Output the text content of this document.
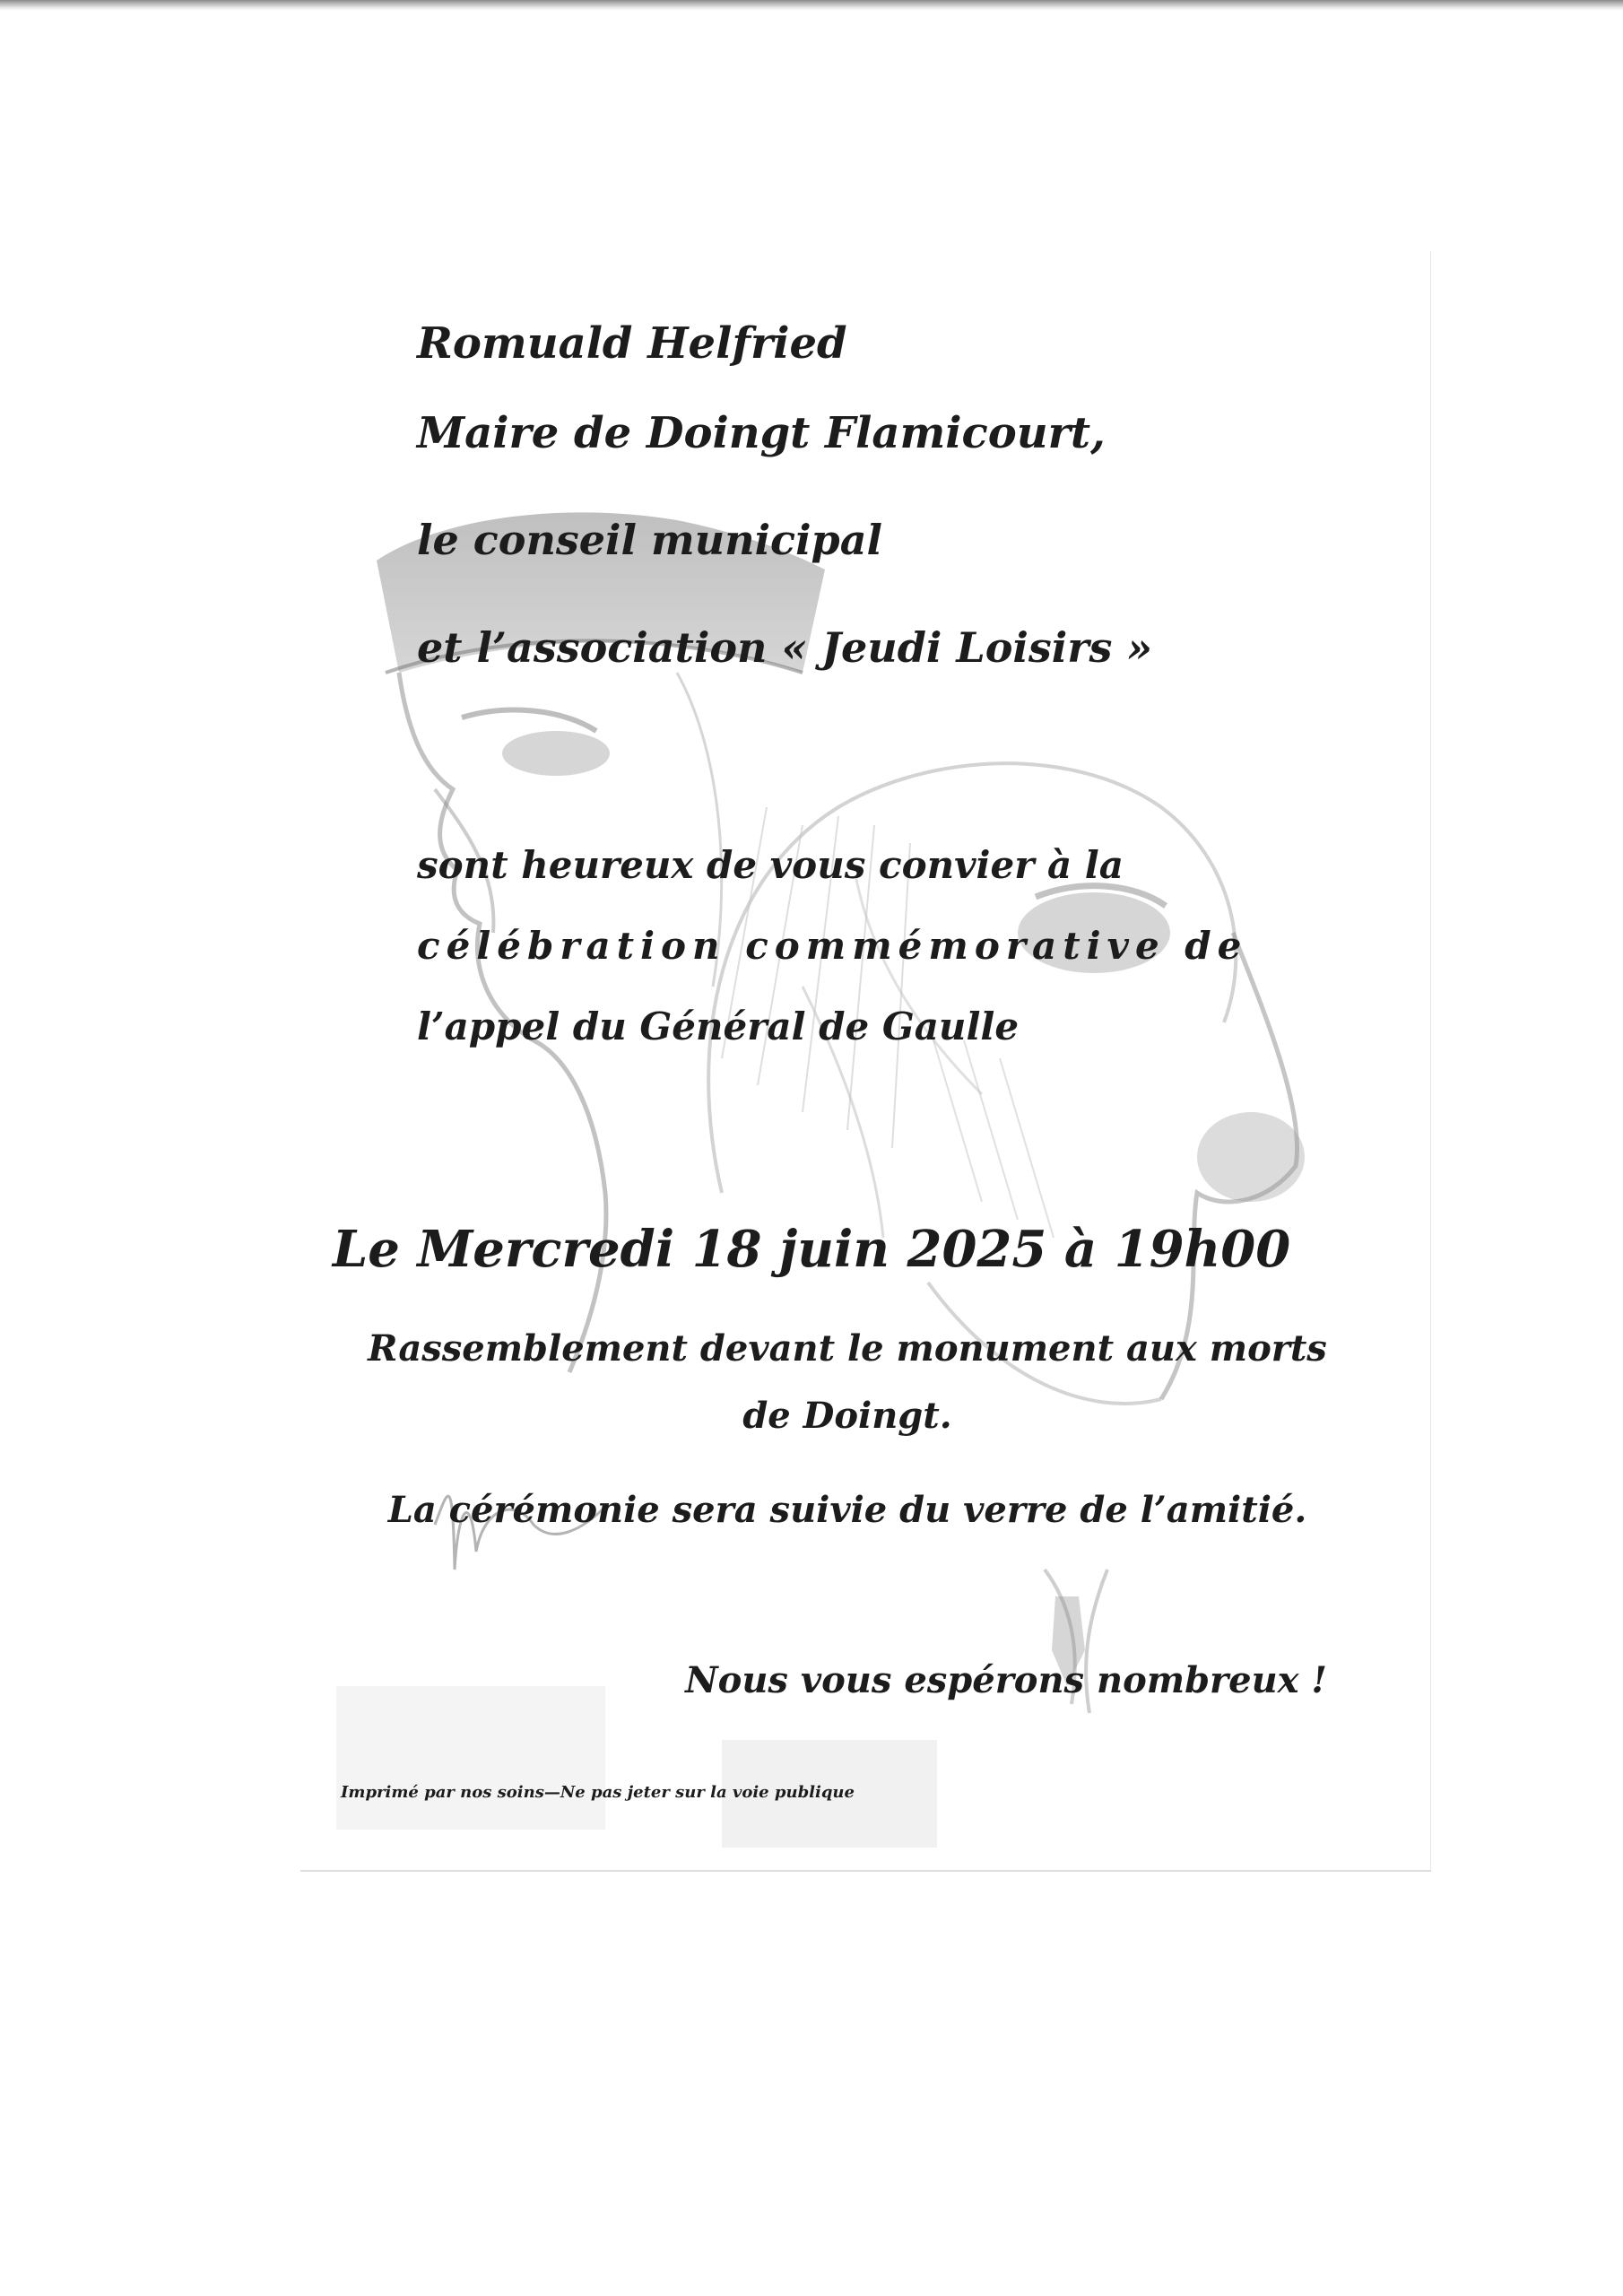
Romuald Helfried
Maire de Doingt Flamicourt,
le conseil municipal
et l’association « Jeudi Loisirs »
sont heureux de vous convier à la
célébration commémorative de
l’appel du Général de Gaulle
Le Mercredi 18 juin 2025 à 19h00
Rassemblement devant le monument aux morts
de Doingt.
La cérémonie sera suivie du verre de l’amitié.
Nous vous espérons nombreux !
Imprimé par nos soins—Ne pas jeter sur la voie publique
